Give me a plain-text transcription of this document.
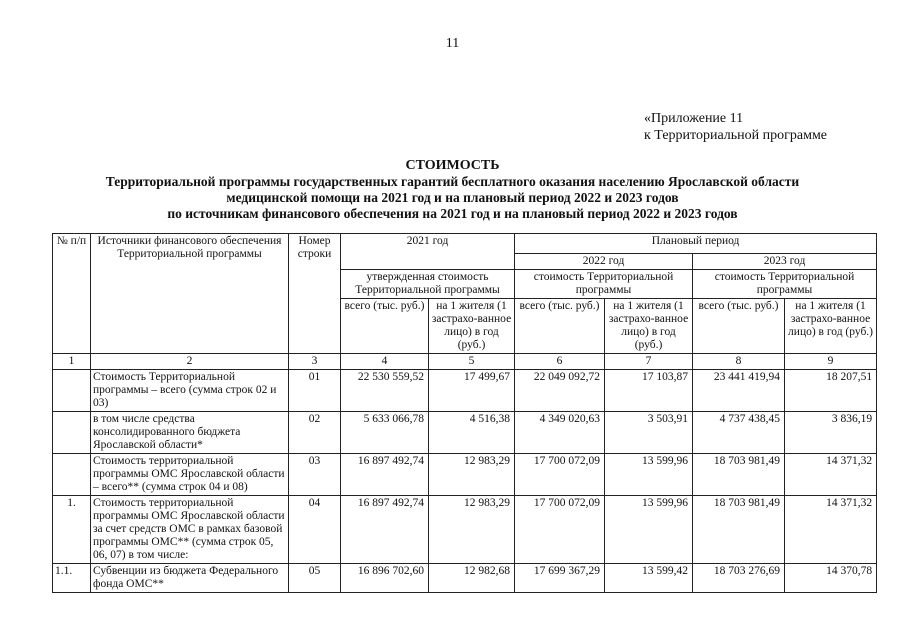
11
«Приложение 11
к Территориальной программе
СТОИМОСТЬ
Территориальной программы государственных гарантий бесплатного оказания населению Ярославской области
медицинской помощи на 2021 год и на плановый период 2022 и 2023 годов
по источникам финансового обеспечения на 2021 год и на плановый период 2022 и 2023 годов
№ п/п	Источники финансового обеспечения Территориальной программы	Номер строки	2021 год		Плановый период			
					2022 год		2023 год	
			утвержденная стоимость Территориальной программы		стоимость Территориальной программы		стоимость Территориальной программы	
			всего (тыс. руб.)	на 1 жителя (1 застрахо-ванное лицо) в год (руб.)	всего (тыс. руб.)	на 1 жителя (1 застрахо-ванное лицо) в год (руб.)	всего (тыс. руб.)	на 1 жителя (1 застрахо-ванное лицо) в год (руб.)
1	2	3	4	5	6	7	8	9
	Стоимость Территориальной программы – всего (сумма строк 02 и 03)	01	22 530 559,52	17 499,67	22 049 092,72	17 103,87	23 441 419,94	18 207,51
	в том числе средства консолидированного бюджета Ярославской области*	02	5 633 066,78	4 516,38	4 349 020,63	3 503,91	4 737 438,45	3 836,19
	Стоимость территориальной программы ОМС Ярославской области – всего** (сумма строк 04 и 08)	03	16 897 492,74	12 983,29	17 700 072,09	13 599,96	18 703 981,49	14 371,32
1.	Стоимость территориальной программы ОМС Ярославской области за счет средств ОМС в рамках базовой программы ОМС** (сумма строк 05, 06, 07) в том числе:	04	16 897 492,74	12 983,29	17 700 072,09	13 599,96	18 703 981,49	14 371,32
1.1.	Субвенции из бюджета Федерального фонда ОМС**	05	16 896 702,60	12 982,68	17 699 367,29	13 599,42	18 703 276,69	14 370,78
